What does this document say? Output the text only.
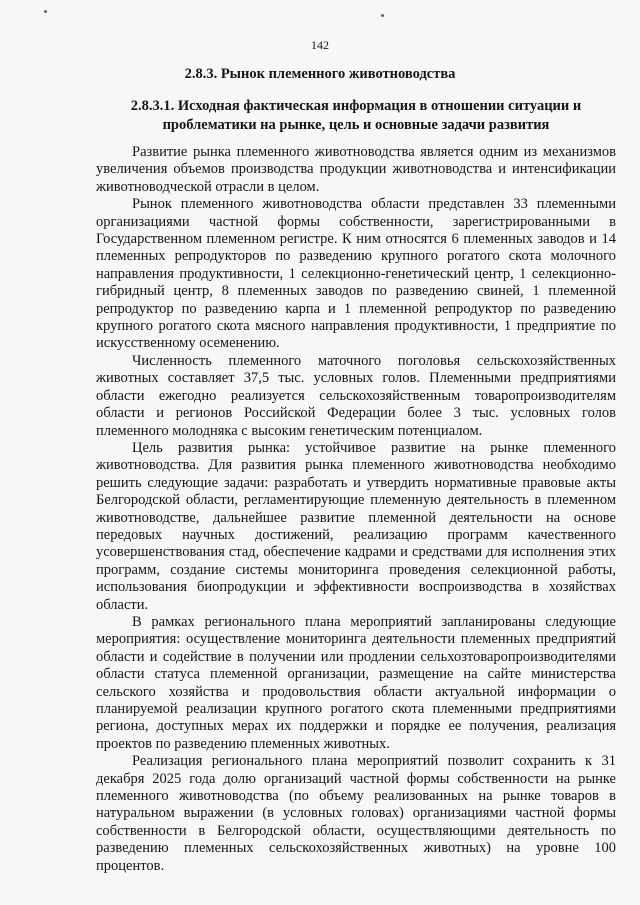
142
2.8.3. Рынок племенного животноводства
2.8.3.1. Исходная фактическая информация в отношении ситуации и проблематики на рынке, цель и основные задачи развития

Развитие рынка племенного животноводства является одним из механизмов увеличения объемов производства продукции животноводства и интенсификации животноводческой отрасли в целом.

Рынок племенного животноводства области представлен 33 племенными организациями частной формы собственности, зарегистрированными в Государственном племенном регистре. К ним относятся 6 племенных заводов и 14 племенных репродукторов по разведению крупного рогатого скота молочного направления продуктивности, 1 селекционно-генетический центр, 1 селекционно-гибридный центр, 8 племенных заводов по разведению свиней, 1 племенной репродуктор по разведению карпа и 1 племенной репродуктор по разведению крупного рогатого скота мясного направления продуктивности, 1 предприятие по искусственному осеменению.

Численность племенного маточного поголовья сельскохозяйственных животных составляет 37,5 тыс. условных голов. Племенными предприятиями области ежегодно реализуется сельскохозяйственным товаропроизводителям области и регионов Российской Федерации более 3 тыс. условных голов племенного молодняка с высоким генетическим потенциалом.

Цель развития рынка: устойчивое развитие на рынке племенного животноводства. Для развития рынка племенного животноводства необходимо решить следующие задачи: разработать и утвердить нормативные правовые акты Белгородской области, регламентирующие племенную деятельность в племенном животноводстве, дальнейшее развитие племенной деятельности на основе передовых научных достижений, реализацию программ качественного усовершенствования стад, обеспечение кадрами и средствами для исполнения этих программ, создание системы мониторинга проведения селекционной работы, использования биопродукции и эффективности воспроизводства в хозяйствах области.

В рамках регионального плана мероприятий запланированы следующие мероприятия: осуществление мониторинга деятельности племенных предприятий области и содействие в получении или продлении сельхозтоваропроизводителями области статуса племенной организации, размещение на сайте министерства сельского хозяйства и продовольствия области актуальной информации о планируемой реализации крупного рогатого скота племенными предприятиями региона, доступных мерах их поддержки и порядке ее получения, реализация проектов по разведению племенных животных.

Реализация регионального плана мероприятий позволит сохранить к 31 декабря 2025 года долю организаций частной формы собственности на рынке племенного животноводства (по объему реализованных на рынке товаров в натуральном выражении (в условных головах) организациями частной формы собственности в Белгородской области, осуществляющими деятельность по разведению племенных сельскохозяйственных животных) на уровне 100 процентов.
